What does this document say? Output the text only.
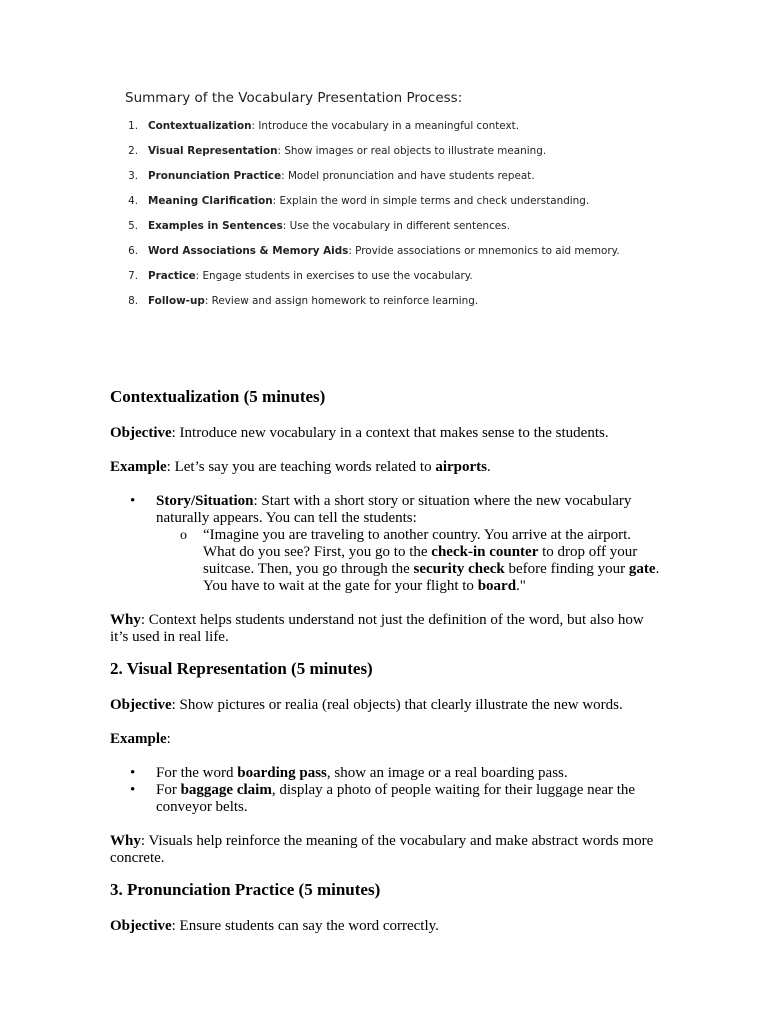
Summary of the Vocabulary Presentation Process:
1. Contextualization: Introduce the vocabulary in a meaningful context.
2. Visual Representation: Show images or real objects to illustrate meaning.
3. Pronunciation Practice: Model pronunciation and have students repeat.
4. Meaning Clarification: Explain the word in simple terms and check understanding.
5. Examples in Sentences: Use the vocabulary in different sentences.
6. Word Associations & Memory Aids: Provide associations or mnemonics to aid memory.
7. Practice: Engage students in exercises to use the vocabulary.
8. Follow-up: Review and assign homework to reinforce learning.
Contextualization (5 minutes)

Objective: Introduce new vocabulary in a context that makes sense to the students.

Example: Let’s say you are teaching words related to airports.

• Story/Situation: Start with a short story or situation where the new vocabulary naturally appears. You can tell the students:
o “Imagine you are traveling to another country. You arrive at the airport. What do you see? First, you go to the check-in counter to drop off your suitcase. Then, you go through the security check before finding your gate. You have to wait at the gate for your flight to board."

Why: Context helps students understand not just the definition of the word, but also how it’s used in real life.

2. Visual Representation (5 minutes)

Objective: Show pictures or realia (real objects) that clearly illustrate the new words.

Example:

• For the word boarding pass, show an image or a real boarding pass.
• For baggage claim, display a photo of people waiting for their luggage near the conveyor belts.

Why: Visuals help reinforce the meaning of the vocabulary and make abstract words more concrete.

3. Pronunciation Practice (5 minutes)

Objective: Ensure students can say the word correctly.
